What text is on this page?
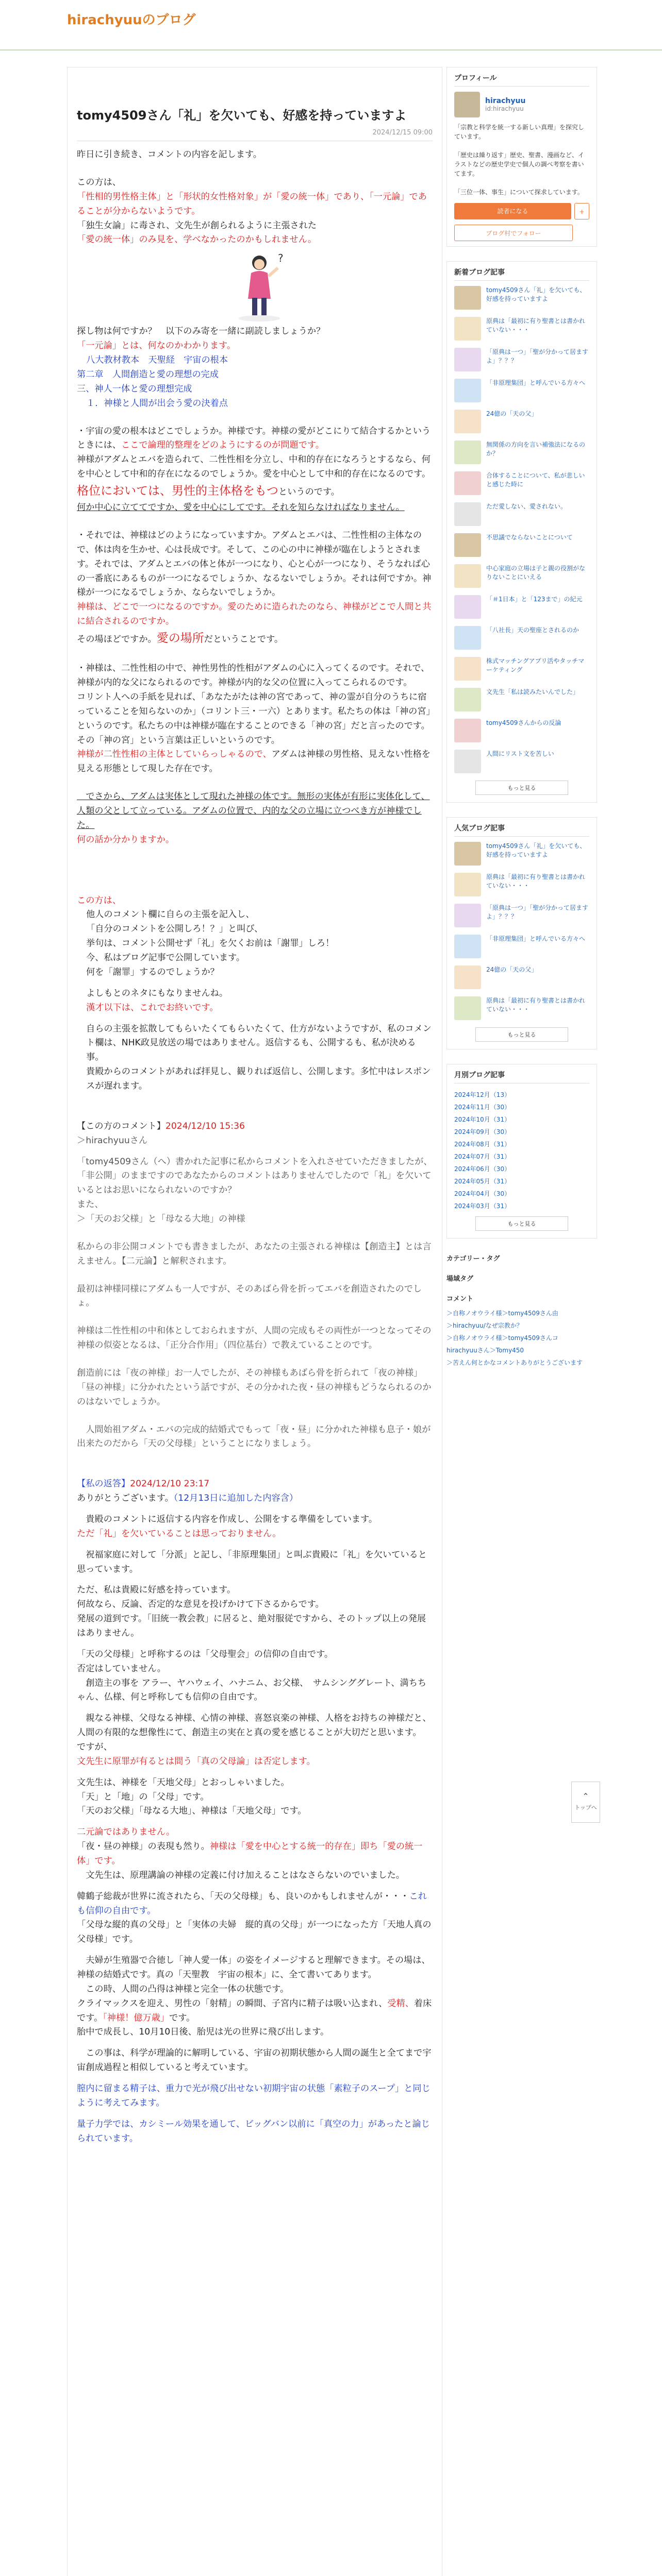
hirachyuuのブログ
tomy4509さん「礼」を欠いても、好感を持っていますよ
2024/12/15 09:00

昨日に引き続き、コメントの内容を記します。

この方は、

「性相的男性格主体」と「形状的女性格対象」が「愛の統一体」であり、「一元論」であることが分からないようです。

「独生女論」に毒され、文先生が創られるように主張された

「愛の統一体」のみ見を、学べなかったのかもしれません。

?

探し物は何ですか？　以下のみ寄を一緒に副読しましょうか？

「一元論」とは、何なのかわかります。

八大教材教本　天聖経　宇宙の根本

第二章　人間創造と愛の理想の完成

三、神人一体と愛の理想完成

１．神様と人間が出会う愛の決着点

・宇宙の愛の根本はどこでしょうか。神様です。神様の愛がどこにりて結合するかというときには、ここで論理的整理をどのようにするのが問題です。

神様がアダムとエバを造られて、二性性相を分立し、中和的存在になろうとするなら、何を中心として中和的存在になるのでしょうか。愛を中心として中和的存在になるのです。

格位においては、男性的主体格をもつというのです。

何か中心に立ててですか、愛を中心にしてです。それを知らなければなりません。

・それでは、神様はどのようになっていますか。アダムとエバは、二性性相の主体なので、体は肉を生かせ、心は長成です。そして、この心の中に神様が臨在しようとされます。それでは、アダムとエバの体と体が一つになり、心と心が一つになり、そうなれば心の一番底にあるものが一つになるでしょうか、なるないでしょうか。それは何ですか。神様が一つになるでしょうか、ならないでしょうか。

神様は、どこで一つになるのですか。愛のために造られたのなら、神様がどこで人間と共に結合されるのですか。

その場ほどですか。愛の場所だということです。

・神様は、二性性相の中で、神性男性的性相がアダムの心に入ってくるのです。それで、神様が内的な父になられるのです。神様が内的な父の位置に入ってこられるのです。

コリント人への手紙を見れば、「あなたがたは神の宮であって、神の霊が自分のうちに宿っていることを知らないのか」（コリント三・一六）とあります。私たちの体は「神の宮」というのです。私たちの中は神様が臨在することのできる「神の宮」だと言ったのです。その「神の宮」という言葉は正しいというのです。

神様が二性性相の主体としていらっしゃるので、アダムは神様の男性格、見えない性格を見える形態として現した存在です。

　でさから、アダムは実体として現れた神様の体です。無形の実体が有形に実体化して、人類の父として立っている。アダムの位置で、内的な父の立場に立つべき方が神様でした。

何の話か分かりますか。

この方は、

他人のコメント欄に自らの主張を記入し、

「自分のコメントを公開しろ！？」と叫び、

挙句は、コメント公開せず「礼」を欠くお前は「謝罪」しろ！

今、私はブログ記事で公開しています。

何を「謝罪」するのでしょうか？

よしもとのネタにもなりませんね。

漢才以下は、これでお終いです。

自らの主張を拡散してもらいたくてもらいたくて、仕方がないようですが、私のコメント欄は、NHK政見放送の場ではありません。返信するも、公開するも、私が決める事。

貴殿からのコメントがあれば拝見し、観りれば返信し、公開します。多忙中はレスポンスが遅れます。

【この方のコメント】2024/12/10 15:36

＞hirachyuuさん

「tomy4509さん（へ）書かれた記事に私からコメントを入れさせていただきましたが、「非公開」のままですのであなたからのコメントはありませんでしたので「礼」を欠いているとはお思いになられないのですか？

また、

＞「天のお父様」と「母なる大地」の神様

私からの非公開コメントでも書きましたが、あなたの主張される神様は【創造主】とは言えません。【二元論】と解釈されます。

最初は神様同様にアダムも一人ですが、そのあばら骨を折ってエバを創造されたのでしょ。

神様は二性性相の中和体としておられますが、人間の完成もその両性が一つとなってその神様の似姿となるは、「正分合作用」（四位基台）で教えていることのです。

創造前には「夜の神様」お一人でしたが、その神様もあばら骨を折られて「夜の神様」「昼の神様」に分かれたという話ですが、その分かれた夜・昼の神様もどうなられるのかのはないでしょうか。

　人間始祖アダム・エバの完成的結婚式でもって「夜・昼」に分かれた神様も息子・娘が出来たのだから「天の父母様」ということになりましょう。

【私の返答】2024/12/10 23:17

ありがとうございます。（12月13日に追加した内容含）

　貴殿のコメントに返信する内容を作成し、公開をする準備をしています。

ただ「礼」を欠いていることは思っておりません。

　祝福家庭に対して「分派」と記し、「非原理集団」と叫ぶ貴殿に「礼」を欠いていると思っています。

ただ、私は貴殿に好感を持っています。

何故なら、反論、否定的な意見を投げかけて下さるからです。

発展の道到です。「旧統一教会教」に居ると、絶対服従ですから、そのトップ以上の発展はありません。

「天の父母様」と呼称するのは「父母聖会」の信仰の自由です。

否定はしていません。

　創造主の事を アラー、ヤハウェイ、ハナニム、お父様、　サムシンググレート、満ちちゃん、仏様、何と呼称しても信仰の自由です。

　親なる神様、父母なる神様、心情の神様、喜怒哀楽の神様、人格をお持ちの神様だと、人間の有限的な想像性にて、創造主の実在と真の愛を感じることが大切だと思います。

ですが、

文先生に原罪が有るとは間う「真の父母論」は否定します。

文先生は、神様を「天地父母」とおっしゃいました。

「天」と「地」の「父母」です。

「天のお父様」「母なる大地」、神様は「天地父母」です。

二元論ではありません。

「夜・昼の神様」の表現も然り。神様は「愛を中心とする統一的存在」即ち「愛の統一体」です。

　文先生は、原理講論の神様の定義に付け加えることはなさらないのでいました。

韓鶴子総裁が世界に流されたら、「天の父母様」も、良いのかもしれませんが・・・これも信仰の自由です。

「父母な縦的真の父母」と「実体の夫婦　縦的真の父母」が一つになった方「天地人真の父母様」です。

　夫婦が生殖器で合徳し「神人愛一体」の姿をイメージすると理解できます。その場は、神様の結婚式です。真の「天聖教　宇宙の根本」に、全て書いてあります。

　この時、人間の凸得は神様と完全一体の状態です。

クライマックスを迎え、男性の「射精」の瞬間、子宮内に精子は吸い込まれ、受精、着床です。「神様！億万歳」です。

胎中で成長し、10月10日後、胎児は光の世界に飛び出します。

　この事は、科学が理論的に解明している、宇宙の初期状態から人間の誕生と全てまで宇宙創成過程と相似していると考えています。

膣内に留まる精子は、重力で光が飛び出せない初期宇宙の状態「素粒子のスープ」と同じように考えてみます。

量子力学では、カシミール効果を通して、ビッグバン以前に「真空の力」があったと論じられています。

プロフィール
hirachyuu
id:hirachyuu
「宗教と科学を統一する新しい真理」を探究しています。

「歴史は繰り返す」歴史、聖書、漫画など、イラストなどの歴史学史で個人の調べ考察を書いてます。

「三位一体、事生」について探求しています。
読者になる	+
ブログ村でフォロー
新着ブログ記事
tomy4509さん「礼」を欠いても、好感を持っていますよ
原典は「最初に有り聖書とは書かれていない・・・
「原典は一つ」「聖が分かって居ますよ」？？？
「非原理集団」と呼んでいる方々へ
24億の「天の父」
無関係の方向を言い補強法になるのか？
合体することについて、私が悲しいと感じた時に
ただ愛しない、愛されない。
不思議でならないことについて
中心家庭の立場は子と親の役割がなりないことにいえる
「＃1日本」と「123まで」の紀元
「八社長」天の聖座とされるのか
株式マッチングアプリ活やタッチマーケティング
文先生「私は読みたいんでした」
tomy4509さんからの反論
人間にリスト文を苦しい
もっと見る
人気ブログ記事
tomy4509さん「礼」を欠いても、好感を持っていますよ
原典は「最初に有り聖書とは書かれていない・・・
「原典は一つ」「聖が分かって居ますよ」？？？
「非原理集団」と呼んでいる方々へ
24億の「天の父」
原典は「最初に有り聖書とは書かれていない・・・
もっと見る
月別ブログ記事
2024年12月（13）
2024年11月（30）
2024年10月（31）
2024年09月（30）
2024年08月（31）
2024年07月（31）
2024年06月（30）
2024年05月（31）
2024年04月（30）
2024年03月（31）
もっと見る
カテゴリー・タグ
場域タグ
コメント
＞自称ノオウライ様＞tomy4509さん由
＞hirachyuu/なぜ宗教か？
＞自称ノオウライ様＞tomy4509さんコ
hirachyuuさん＞Tomy450
＞苦えん何とかなコメントありがとうございます
⌃
トップへ
